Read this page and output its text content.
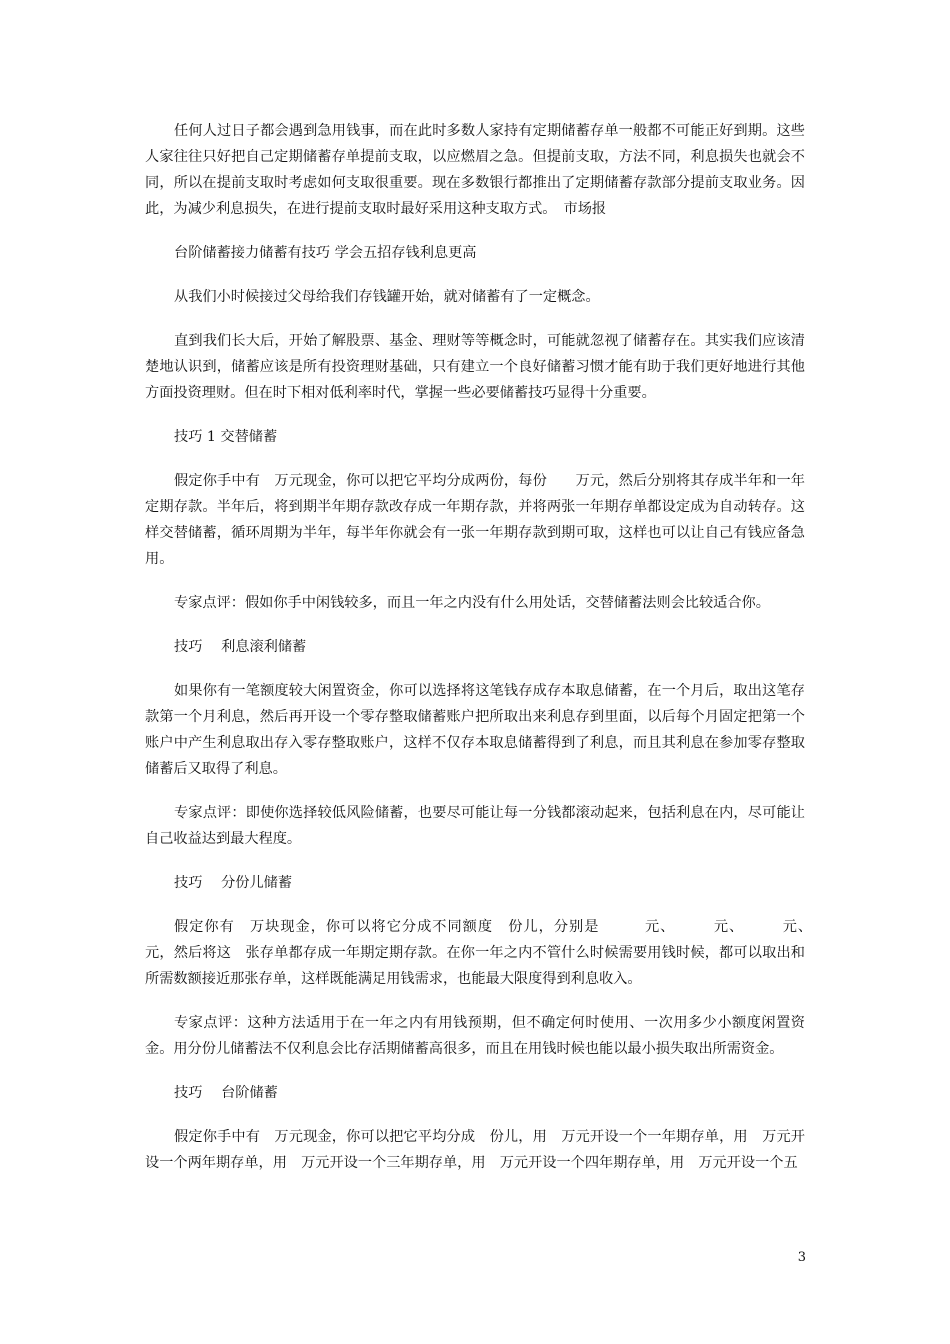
任何人过日子都会遇到急用钱事，而在此时多数人家持有定期储蓄存单一般都不可能正好到期。这些人家往往只好把自己定期储蓄存单提前支取，以应燃眉之急。但提前支取，方法不同，利息损失也就会不同，所以在提前支取时考虑如何支取很重要。现在多数银行都推出了定期储蓄存款部分提前支取业务。因此，为减少利息损失，在进行提前支取时最好采用这种支取方式。　市场报

台阶储蓄接力储蓄有技巧 学会五招存钱利息更高

从我们小时候接过父母给我们存钱罐开始，就对储蓄有了一定概念。

直到我们长大后，开始了解股票、基金、理财等等概念时，可能就忽视了储蓄存在。其实我们应该清楚地认识到，储蓄应该是所有投资理财基础，只有建立一个良好储蓄习惯才能有助于我们更好地进行其他方面投资理财。但在时下相对低利率时代，掌握一些必要储蓄技巧显得十分重要。

技巧 1 交替储蓄

假定你手中有　万元现金，你可以把它平均分成两份，每份　　万元，然后分别将其存成半年和一年定期存款。半年后，将到期半年期存款改存成一年期存款，并将两张一年期存单都设定成为自动转存。这样交替储蓄，循环周期为半年，每半年你就会有一张一年期存款到期可取，这样也可以让自己有钱应备急用。

专家点评：假如你手中闲钱较多，而且一年之内没有什么用处话，交替储蓄法则会比较适合你。

技巧　 利息滚利储蓄

如果你有一笔额度较大闲置资金，你可以选择将这笔钱存成存本取息储蓄，在一个月后，取出这笔存款第一个月利息，然后再开设一个零存整取储蓄账户把所取出来利息存到里面，以后每个月固定把第一个账户中产生利息取出存入零存整取账户，这样不仅存本取息储蓄得到了利息，而且其利息在参加零存整取储蓄后又取得了利息。

专家点评：即使你选择较低风险储蓄，也要尽可能让每一分钱都滚动起来，包括利息在内，尽可能让自己收益达到最大程度。

技巧　 分份儿储蓄

假定你有　万块现金，你可以将它分成不同额度　份儿，分别是　　　元、　　　元、　　　元、　　　元，然后将这　张存单都存成一年期定期存款。在你一年之内不管什么时候需要用钱时候，都可以取出和所需数额接近那张存单，这样既能满足用钱需求，也能最大限度得到利息收入。

专家点评：这种方法适用于在一年之内有用钱预期，但不确定何时使用、一次用多少小额度闲置资金。用分份儿储蓄法不仅利息会比存活期储蓄高很多，而且在用钱时候也能以最小损失取出所需资金。

技巧　 台阶储蓄

假定你手中有　万元现金，你可以把它平均分成　份儿，用　万元开设一个一年期存单，用　万元开设一个两年期存单，用　万元开设一个三年期存单，用　万元开设一个四年期存单，用　万元开设一个五

3
